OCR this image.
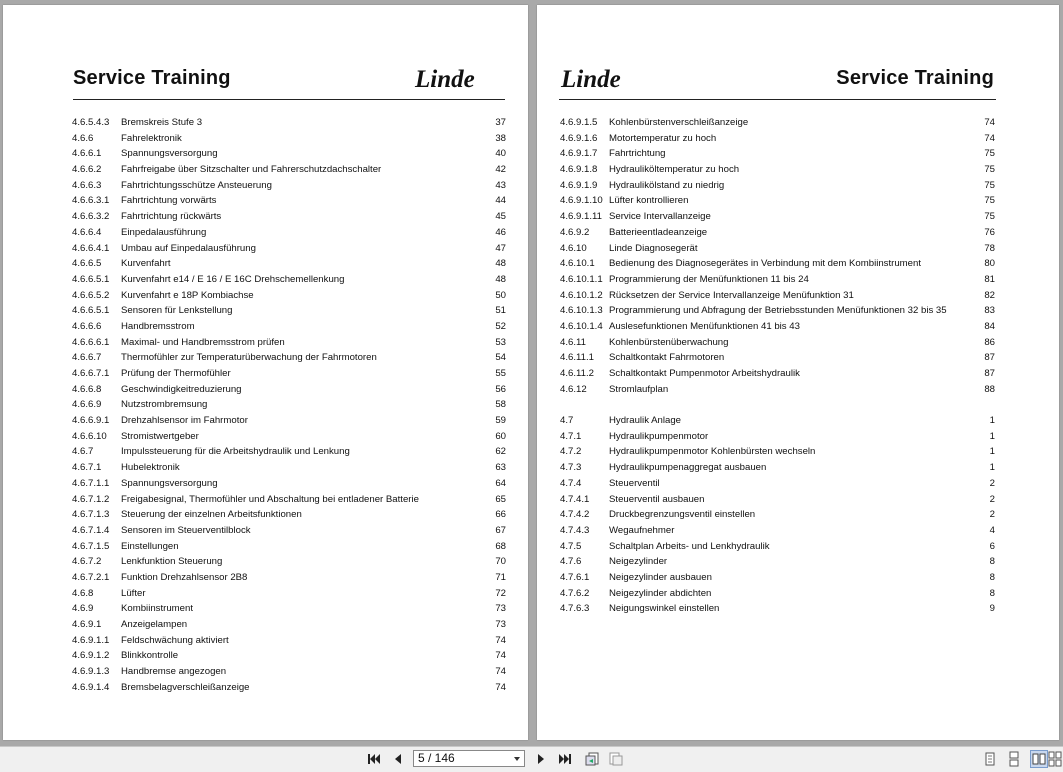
Service Training	Linde
4.6.5.4.3 Bremskreis Stufe 3	37
4.6.6	Fahrelektronik	38
4.6.6.1 Spannungsversorgung	40
4.6.6.2 Fahrfreigabe über Sitzschalter und Fahrerschutzdachschalter	42
4.6.6.3 Fahrtrichtungsschütze Ansteuerung	43
4.6.6.3.1 Fahrtrichtung vorwärts	44
4.6.6.3.2 Fahrtrichtung rückwärts	45
4.6.6.4 Einpedalausführung	46
4.6.6.4.1 Umbau auf Einpedalausführung	47
4.6.6.5 Kurvenfahrt	48
4.6.6.5.1 Kurvenfahrt e14 / E 16 / E 16C Drehschemellenkung	48
4.6.6.5.2 Kurvenfahrt e 18P Kombiachse	50
4.6.6.5.1 Sensoren für Lenkstellung	51
4.6.6.6 Handbremsstrom	52
4.6.6.6.1 Maximal- und Handbremsstrom prüfen	53
4.6.6.7 Thermofühler zur Temperaturüberwachung der Fahrmotoren	54
4.6.6.7.1 Prüfung der Thermofühler	55
4.6.6.8 Geschwindigkeitreduzierung	56
4.6.6.9 Nutzstrombremsung	58
4.6.6.9.1 Drehzahlsensor im Fahrmotor	59
4.6.6.10 Stromistwertgeber	60
4.6.7	Impulssteuerung für die Arbeitshydraulik und Lenkung	62
4.6.7.1 Hubelektronik	63
4.6.7.1.1 Spannungsversorgung	64
4.6.7.1.2 Freigabesignal, Thermofühler und Abschaltung bei entladener Batterie	65
4.6.7.1.3 Steuerung der einzelnen Arbeitsfunktionen	66
4.6.7.1.4 Sensoren im Steuerventilblock	67
4.6.7.1.5 Einstellungen	68
4.6.7.2 Lenkfunktion Steuerung	70
4.6.7.2.1 Funktion Drehzahlsensor 2B8	71
4.6.8	Lüfter	72
4.6.9	Kombiinstrument	73
4.6.9.1 Anzeigelampen	73
4.6.9.1.1 Feldschwächung aktiviert	74
4.6.9.1.2 Blinkkontrolle	74
4.6.9.1.3 Handbremse angezogen	74
4.6.9.1.4 Bremsbelagverschleißanzeige	74
Linde	Service Training
4.6.9.1.5 Kohlenbürstenverschleißanzeige	74
4.6.9.1.6 Motortemperatur zu hoch	74
4.6.9.1.7 Fahrtrichtung	75
4.6.9.1.8 Hydrauliköltemperatur zu hoch	75
4.6.9.1.9 Hydraulikölstand zu niedrig	75
4.6.9.1.10 Lüfter kontrollieren	75
4.6.9.1.11 Service Intervallanzeige	75
4.6.9.2 Batterieentladeanzeige	76
4.6.10 Linde Diagnosegerät	78
4.6.10.1 Bedienung des Diagnosegerätes in Verbindung mit dem Kombiinstrument	80
4.6.10.1.1 Programmierung der Menüfunktionen 11 bis 24	81
4.6.10.1.2 Rücksetzen der Service Intervallanzeige Menüfunktion 31	82
4.6.10.1.3 Programmierung und Abfragung der Betriebsstunden Menüfunktionen 32 bis 35	83
4.6.10.1.4 Auslesefunktionen Menüfunktionen 41 bis 43	84
4.6.11 Kohlenbürstenüberwachung	86
4.6.11.1 Schaltkontakt Fahrmotoren	87
4.6.11.2 Schaltkontakt Pumpenmotor Arbeitshydraulik	87
4.6.12 Stromlaufplan	88
4.7	Hydraulik Anlage	1
4.7.1	Hydraulikpumpenmotor	1
4.7.2	Hydraulikpumpenmotor Kohlenbürsten wechseln	1
4.7.3	Hydraulikpumpenaggregat ausbauen	1
4.7.4	Steuerventil	2
4.7.4.1 Steuerventil ausbauen	2
4.7.4.2 Druckbegrenzungsventil einstellen	2
4.7.4.3 Wegaufnehmer	4
4.7.5	Schaltplan Arbeits- und Lenkhydraulik	6
4.7.6	Neigezylinder	8
4.7.6.1 Neigezylinder ausbauen	8
4.7.6.2 Neigezylinder abdichten	8
4.7.6.3 Neigungswinkel einstellen	9
5 / 146
